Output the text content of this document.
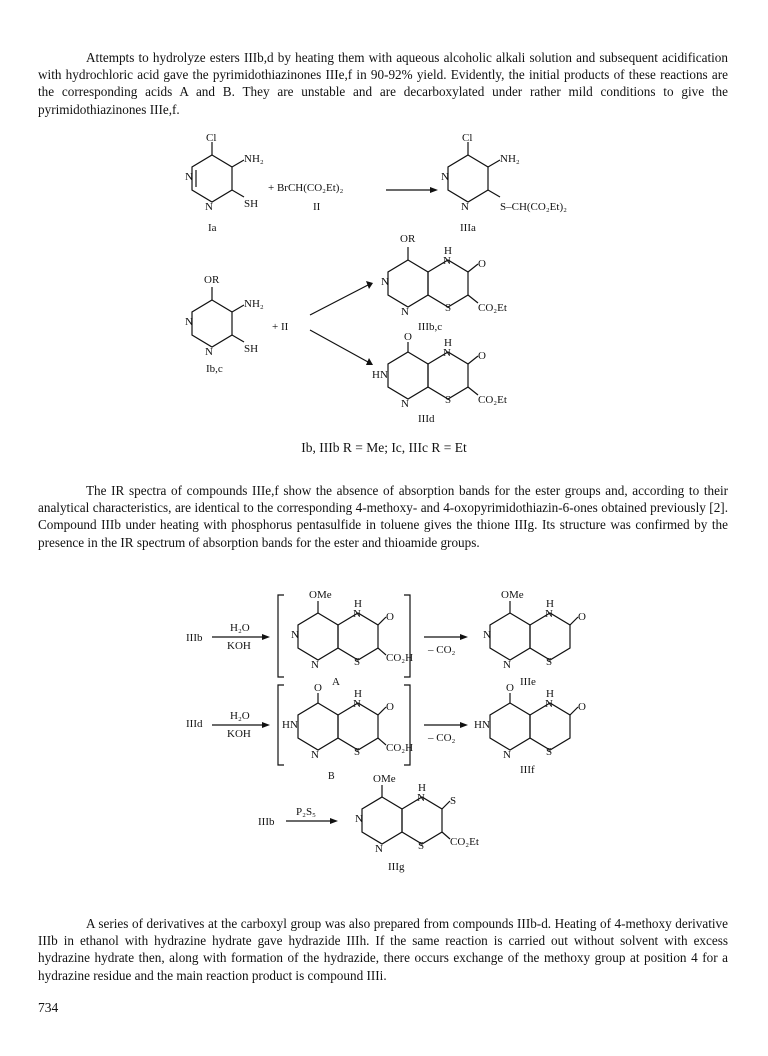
Attempts to hydrolyze esters IIIb,d by heating them with aqueous alcoholic alkali solution and subsequent acidification with hydrochloric acid gave the pyrimidothiazinones IIIe,f in 90-92% yield. Evidently, the initial products of these reactions are the corresponding acids A and B. They are unstable and are decarboxylated under rather mild conditions to give the pyrimidothiazinones IIIe,f.

Cl
NH₂
SH
N
N
Ia
+ BrCH(CO₂Et)₂
II
Cl
NH₂
S–CH(CO₂Et)₂
N
N
IIIa
OR
NH₂
SH
N
N
Ib,c
+ II
OR
H
N O
S CO₂Et
N
N
IIIb,c
O	H
N O
S CO₂Et
HN
N
IIId
Ib, IIIb R = Me; Ic, IIIc R = Et

The IR spectra of compounds IIIe,f show the absence of absorption bands for the ester groups and, according to their analytical characteristics, are identical to the corresponding 4-methoxy- and 4-oxopyrimidothiazin-6-ones obtained previously [2]. Compound IIIb under heating with phosphorus pentasulfide in toluene gives the thione IIIg. Its structure was confirmed by the presence in the IR spectrum of absorption bands for the ester and thioamide groups.

IIIb
H₂O
KOH
OMe
H
N O
S CO₂H
N
N
A
– CO₂
OMe
H
N O
S
N
N
IIIe
IIId
H₂O
KOH
O	H
N O
S CO₂H
HN
N
B
– CO₂
O	H
N O
S
HN
N
IIIf
IIIb
P₂S₅
OMe
H
N S
S CO₂Et
N
N
IIIg

A series of derivatives at the carboxyl group was also prepared from compounds IIIb-d. Heating of 4-methoxy derivative IIIb in ethanol with hydrazine hydrate gave hydrazide IIIh. If the same reaction is carried out without solvent with excess hydrazine hydrate then, along with formation of the hydrazide, there occurs exchange of the methoxy group at position 4 for a hydrazine residue and the main reaction product is compound IIIi.

734
